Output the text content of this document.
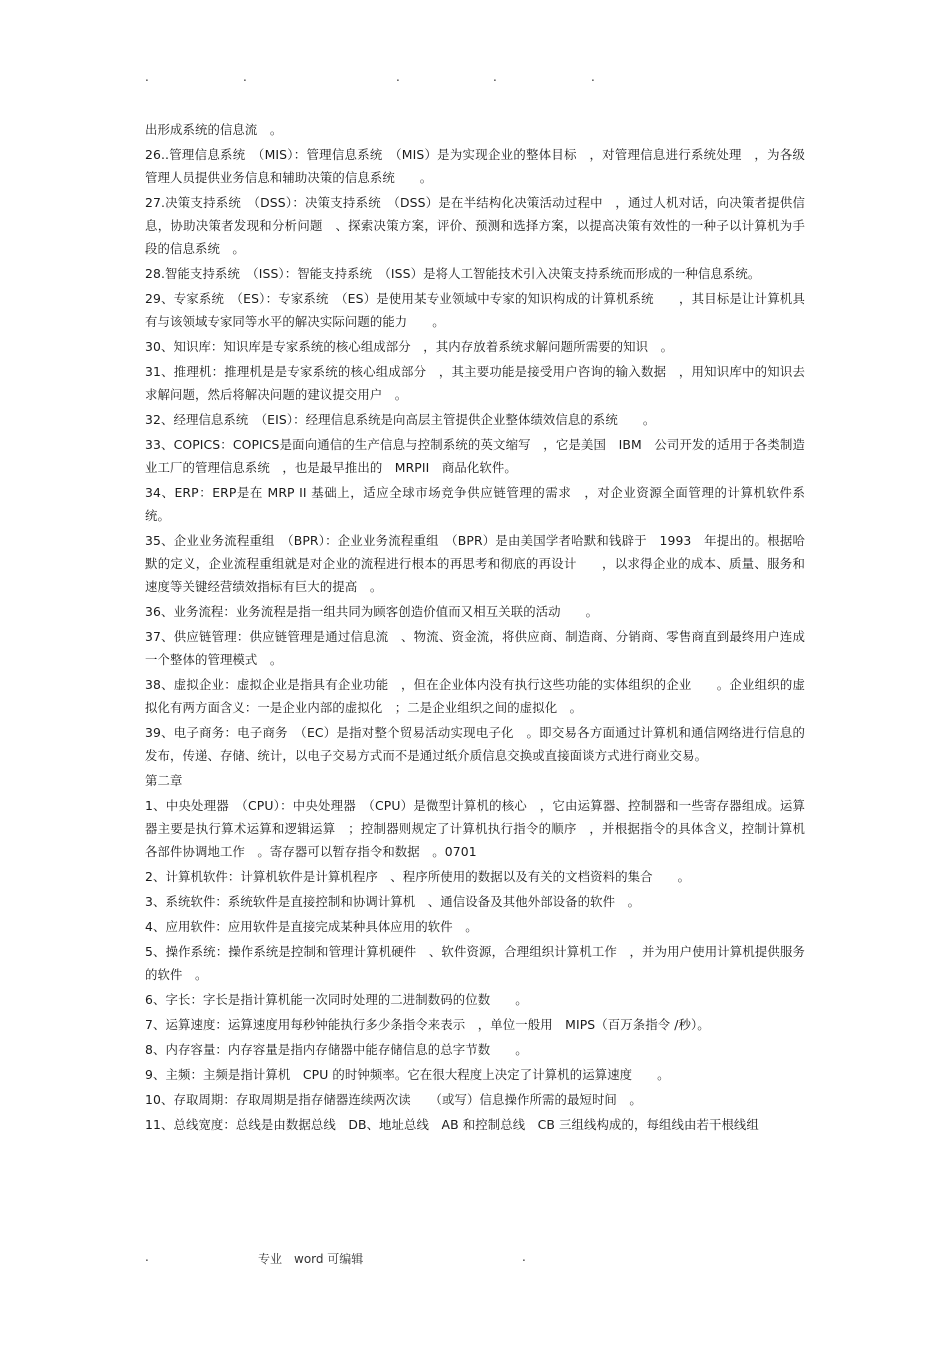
.	.	.	.	.

出形成系统的信息流　。

26..管理信息系统　（MIS）：管理信息系统　（MIS）是为实现企业的整体目标　，对管理信息进行系统处理　，为各级管理人员提供业务信息和辅助决策的信息系统　　。

27.决策支持系统　（DSS）：决策支持系统　（DSS）是在半结构化决策活动过程中　，通过人机对话，向决策者提供信息，协助决策者发现和分析问题　、探索决策方案，评价、预测和选择方案，以提高决策有效性的一种子以计算机为手段的信息系统　。

28.智能支持系统　（ISS）：智能支持系统　（ISS）是将人工智能技术引入决策支持系统而形成的一种信息系统。

29、专家系统　（ES）：专家系统　（ES）是使用某专业领域中专家的知识构成的计算机系统　　，其目标是让计算机具有与该领域专家同等水平的解决实际问题的能力　　。

30、知识库：知识库是专家系统的核心组成部分　，其内存放着系统求解问题所需要的知识　。

31、推理机：推理机是是专家系统的核心组成部分　，其主要功能是接受用户咨询的输入数据　，用知识库中的知识去求解问题，然后将解决问题的建议提交用户　。

32、经理信息系统　（EIS）：经理信息系统是向高层主管提供企业整体绩效信息的系统　　。

33、COPICS：COPICS是面向通信的生产信息与控制系统的英文缩写　，它是美国　IBM　公司开发的适用于各类制造业工厂的管理信息系统　，也是最早推出的　MRPII　商品化软件。

34、ERP：ERP是在 MRP II 基础上，适应全球市场竞争供应链管理的需求　，对企业资源全面管理的计算机软件系统。

35、企业业务流程重组　（BPR）：企业业务流程重组　（BPR）是由美国学者哈默和钱辟于　1993　年提出的。根据哈默的定义，企业流程重组就是对企业的流程进行根本的再思考和彻底的再设计　　，以求得企业的成本、质量、服务和速度等关键经营绩效指标有巨大的提高　。

36、业务流程：业务流程是指一组共同为顾客创造价值而又相互关联的活动　　。

37、供应链管理：供应链管理是通过信息流　、物流、资金流，将供应商、制造商、分销商、零售商直到最终用户连成一个整体的管理模式　。

38、虚拟企业：虚拟企业是指具有企业功能　，但在企业体内没有执行这些功能的实体组织的企业　　。企业组织的虚拟化有两方面含义：一是企业内部的虚拟化　；二是企业组织之间的虚拟化　。

39、电子商务：电子商务　（EC）是指对整个贸易活动实现电子化　。即交易各方面通过计算机和通信网络进行信息的发布，传递、存储、统计，以电子交易方式而不是通过纸介质信息交换或直接面谈方式进行商业交易。

第二章

1、中央处理器　（CPU）：中央处理器　（CPU）是微型计算机的核心　，它由运算器、控制器和一些寄存器组成。运算器主要是执行算术运算和逻辑运算　；控制器则规定了计算机执行指令的顺序　，并根据指令的具体含义，控制计算机各部件协调地工作　。寄存器可以暂存指令和数据　。0701

2、计算机软件：计算机软件是计算机程序　、程序所使用的数据以及有关的文档资料的集合　　。

3、系统软件：系统软件是直接控制和协调计算机　、通信设备及其他外部设备的软件　。

4、应用软件：应用软件是直接完成某种具体应用的软件　。

5、操作系统：操作系统是控制和管理计算机硬件　、软件资源，合理组织计算机工作　，并为用户使用计算机提供服务的软件　。

6、字长：字长是指计算机能一次同时处理的二进制数码的位数　　。

7、运算速度：运算速度用每秒钟能执行多少条指令来表示　，单位一般用　MIPS（百万条指令 /秒）。

8、内存容量：内存容量是指内存储器中能存储信息的总字节数　　。

9、主频：主频是指计算机　CPU 的时钟频率。它在很大程度上决定了计算机的运算速度　　。

10、存取周期：存取周期是指存储器连续两次读　　（或写）信息操作所需的最短时间　。

11、总线宽度：总线是由数据总线　DB、地址总线　AB 和控制总线　CB 三组线构成的，每组线由若干根线组

.	专业　word 可编辑	.
